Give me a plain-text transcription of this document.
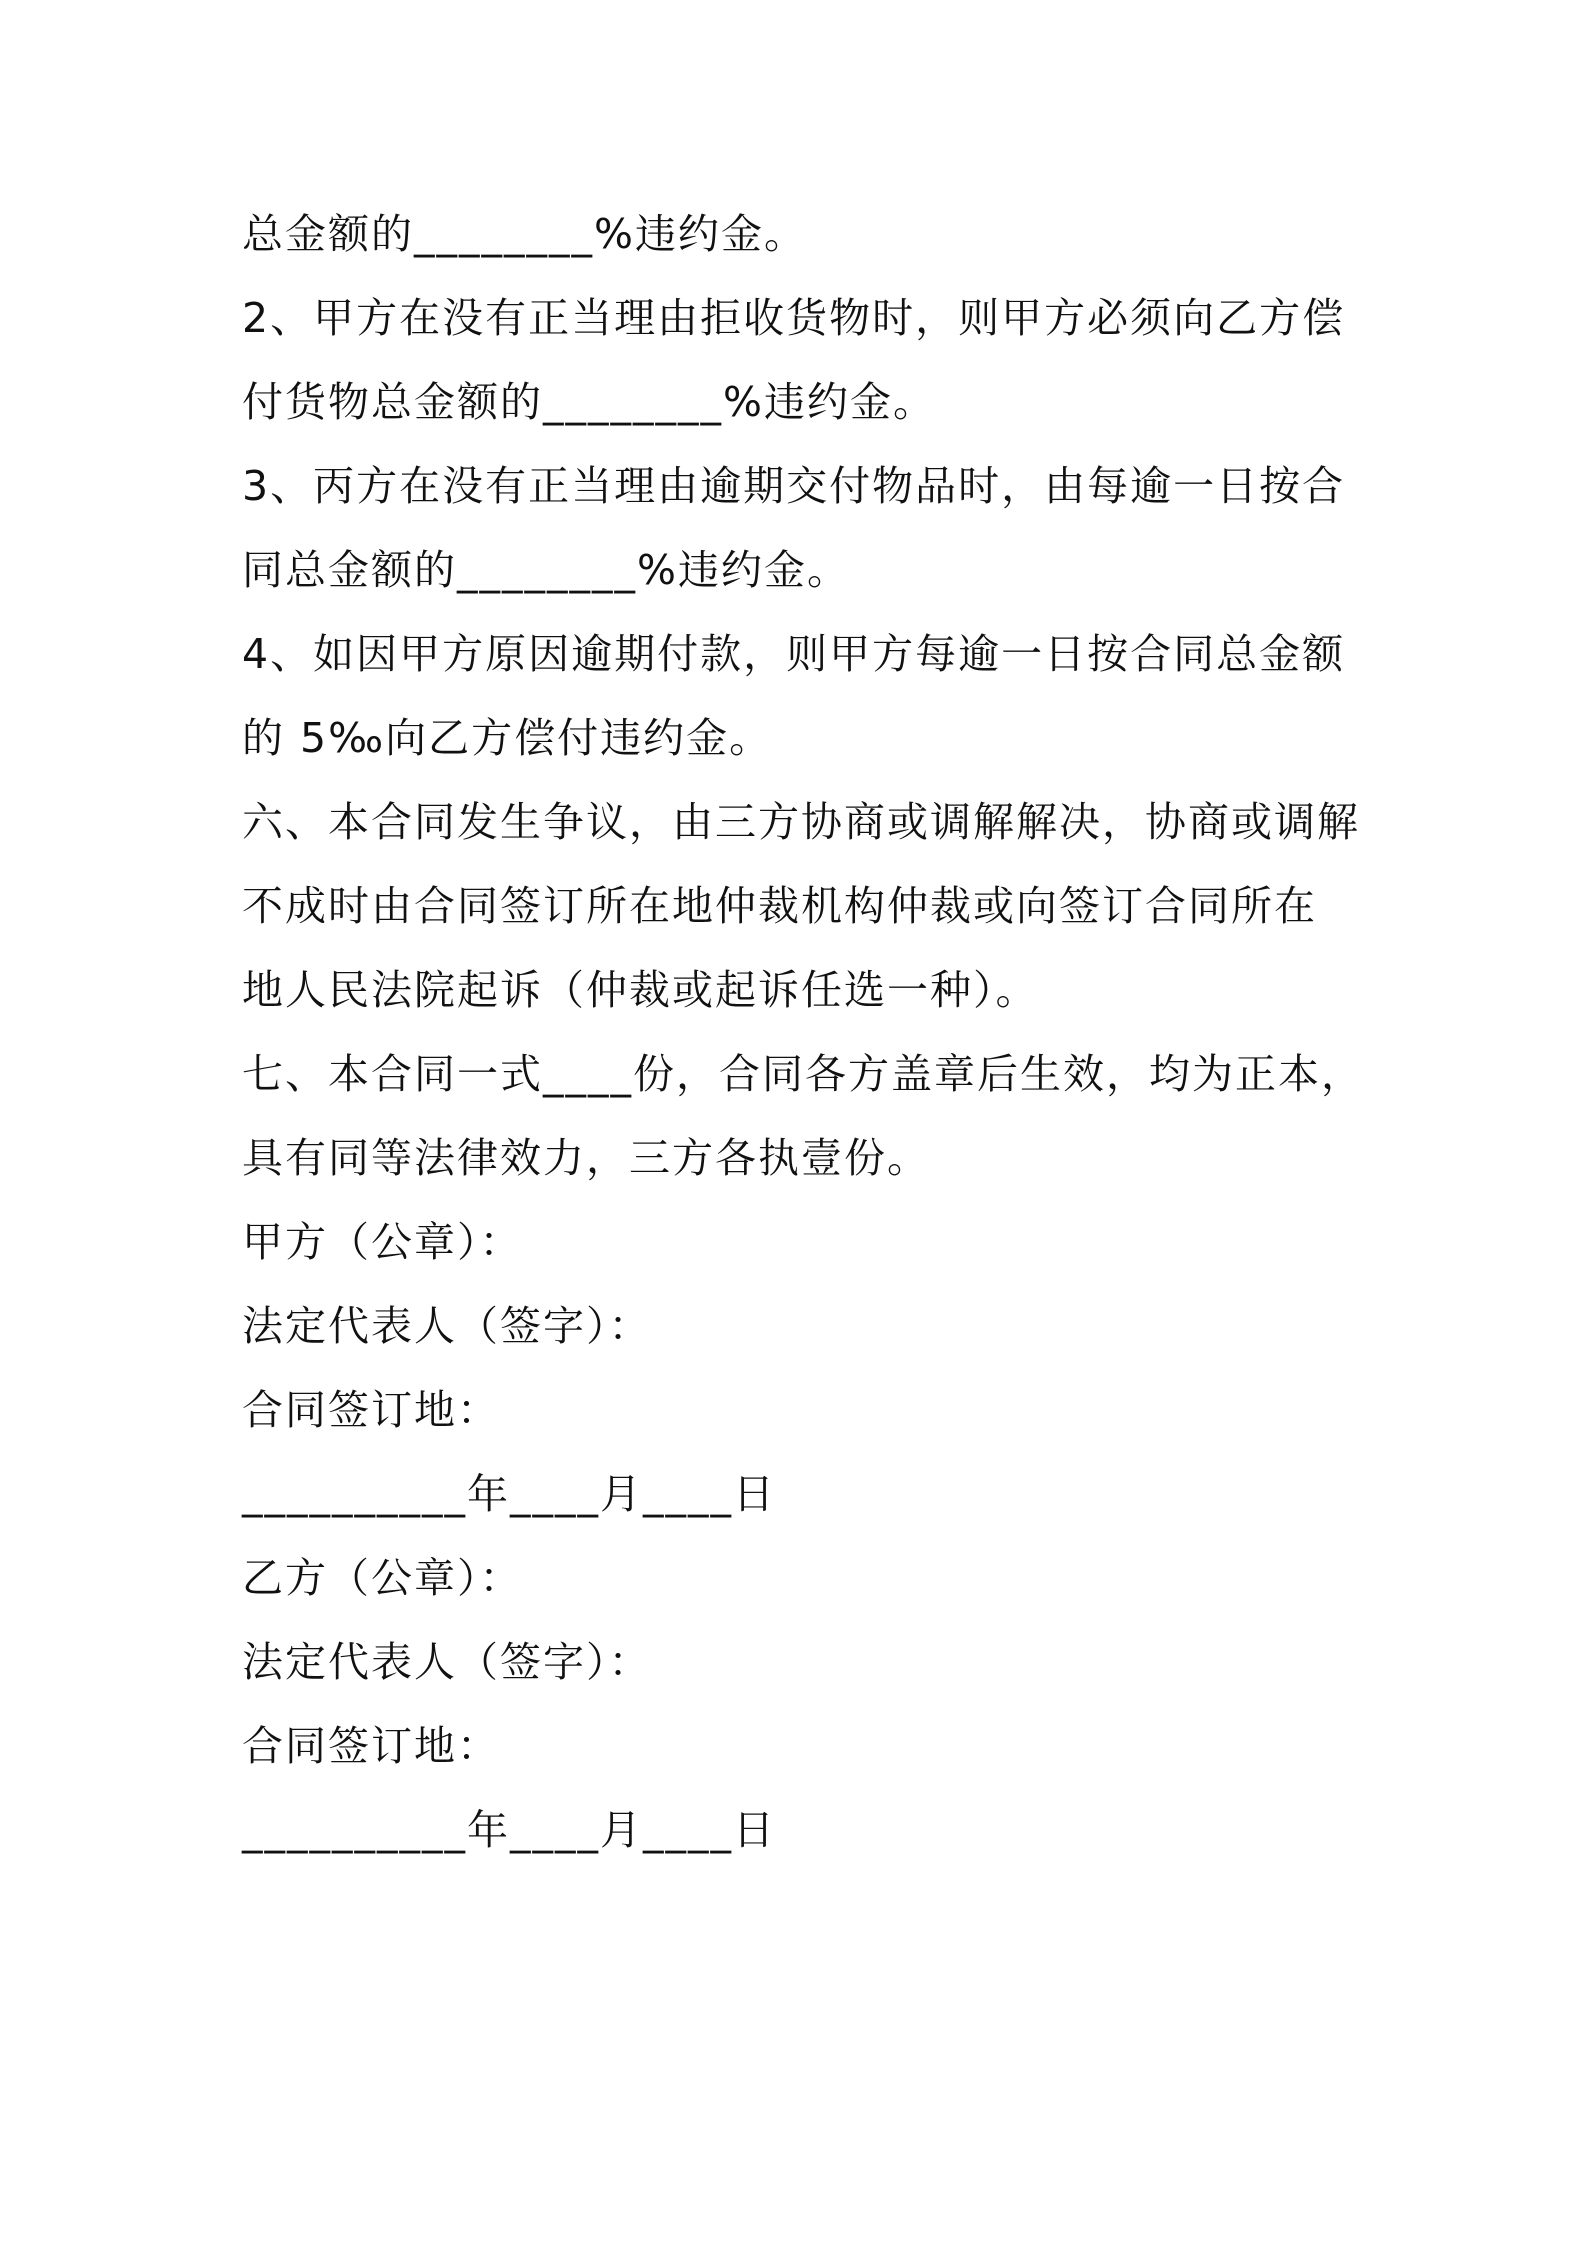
总金额的________%违约金。
2、甲方在没有正当理由拒收货物时，则甲方必须向乙方偿
付货物总金额的________%违约金。
3、丙方在没有正当理由逾期交付物品时，由每逾一日按合
同总金额的________%违约金。
4、如因甲方原因逾期付款，则甲方每逾一日按合同总金额
的 5‰向乙方偿付违约金。
六、本合同发生争议，由三方协商或调解解决，协商或调解
不成时由合同签订所在地仲裁机构仲裁或向签订合同所在
地人民法院起诉（仲裁或起诉任选一种）。
七、本合同一式____份，合同各方盖章后生效，均为正本，
具有同等法律效力，三方各执壹份。
甲方（公章）：
法定代表人（签字）：
合同签订地：
__________年____月____日
乙方（公章）：
法定代表人（签字）：
合同签订地：
__________年____月____日
